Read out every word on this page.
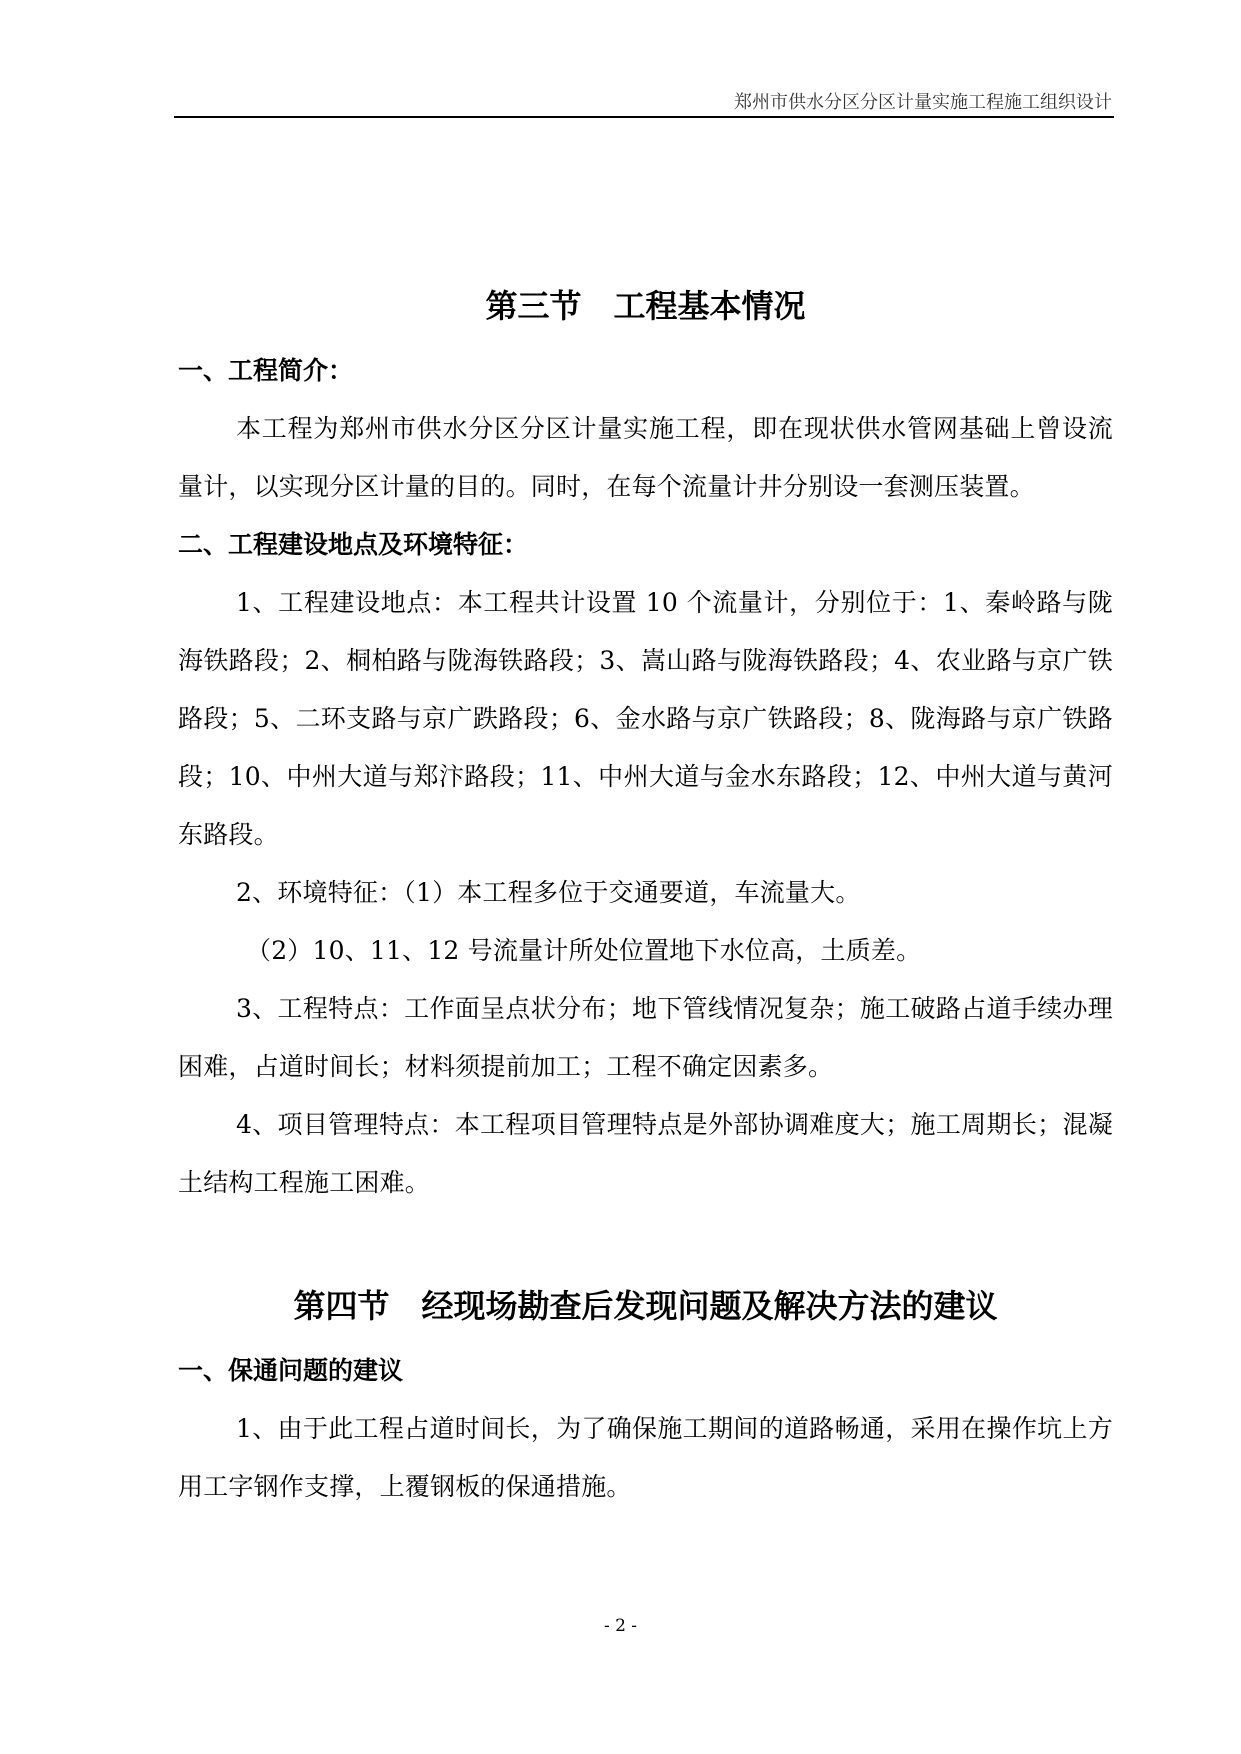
郑州市供水分区分区计量实施工程施工组织设计
第三节　工程基本情况
一、工程简介：

本工程为郑州市供水分区分区计量实施工程，即在现状供水管网基础上曾设流量计，以实现分区计量的目的。同时，在每个流量计井分别设一套测压装置。

二、工程建设地点及环境特征：

1、工程建设地点：本工程共计设置 10 个流量计，分别位于：1、秦岭路与陇海铁路段；2、桐柏路与陇海铁路段；3、嵩山路与陇海铁路段；4、农业路与京广铁路段；5、二环支路与京广跌路段；6、金水路与京广铁路段；8、陇海路与京广铁路段；10、中州大道与郑汴路段；11、中州大道与金水东路段；12、中州大道与黄河东路段。

2、环境特征：（1）本工程多位于交通要道，车流量大。

（2）10、11、12 号流量计所处位置地下水位高，土质差。

3、工程特点：工作面呈点状分布；地下管线情况复杂；施工破路占道手续办理困难，占道时间长；材料须提前加工；工程不确定因素多。

4、项目管理特点：本工程项目管理特点是外部协调难度大；施工周期长；混凝土结构工程施工困难。

第四节　经现场勘查后发现问题及解决方法的建议
一、保通问题的建议

1、由于此工程占道时间长，为了确保施工期间的道路畅通，采用在操作坑上方用工字钢作支撑，上覆钢板的保通措施。

- 2 -
